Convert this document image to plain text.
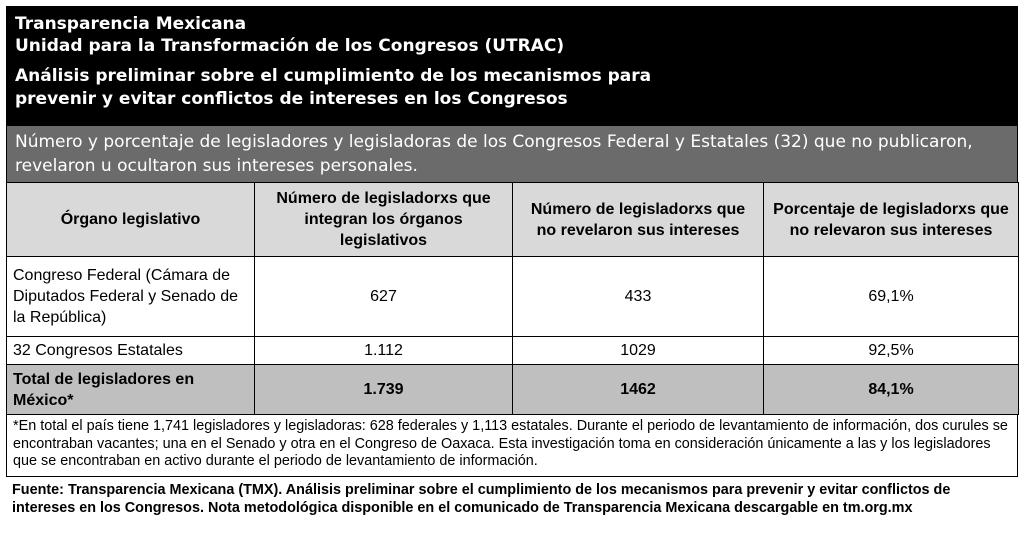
Transparencia Mexicana
Unidad para la Transformación de los Congresos (UTRAC)
Análisis preliminar sobre el cumplimiento de los mecanismos para
prevenir y evitar conflictos de intereses en los Congresos
Número y porcentaje de legisladores y legisladoras de los Congresos Federal y Estatales (32) que no publicaron, revelaron u ocultaron sus intereses personales.
Órgano legislativo	Número de legisladorxs que integran los órganos legislativos	Número de legisladorxs que no revelaron sus intereses	Porcentaje de legisladorxs que no relevaron sus intereses
Congreso Federal (Cámara de Diputados Federal y Senado de la República)	627	433	69,1%
32 Congresos Estatales	1.112	1029	92,5%
Total de legisladores en México*	1.739	1462	84,1%
*En total el país tiene 1,741 legisladores y legisladoras: 628 federales y 1,113 estatales. Durante el periodo de levantamiento de información, dos curules se encontraban vacantes; una en el Senado y otra en el Congreso de Oaxaca. Esta investigación toma en consideración únicamente a las y los legisladores que se encontraban en activo durante el periodo de levantamiento de información.
Fuente: Transparencia Mexicana (TMX). Análisis preliminar sobre el cumplimiento de los mecanismos para prevenir y evitar conflictos de intereses en los Congresos. Nota metodológica disponible en el comunicado de Transparencia Mexicana descargable en tm.org.mx
